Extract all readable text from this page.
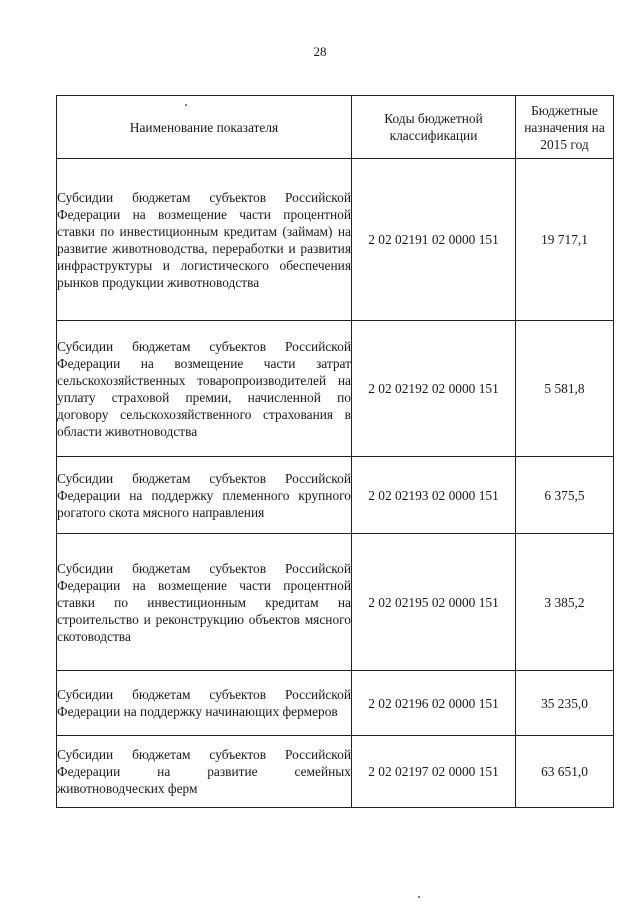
28
Наименование показателя	Коды бюджетной классификации	Бюджетные назначения на 2015 год
Субсидии бюджетам субъектов Российской Федерации на возмещение части процентной ставки по инвестиционным кредитам (займам) на развитие животноводства, переработки и развития инфраструктуры и логистического обеспечения рынков продукции животноводства	2 02 02191 02 0000 151	19 717,1
Субсидии бюджетам субъектов Российской Федерации на возмещение части затрат сельскохозяйственных товаропроизводителей на уплату страховой премии, начисленной по договору сельскохозяйственного страхования в области животноводства	2 02 02192 02 0000 151	5 581,8
Субсидии бюджетам субъектов Российской Федерации на поддержку племенного крупного рогатого скота мясного направления	2 02 02193 02 0000 151	6 375,5
Субсидии бюджетам субъектов Российской Федерации на возмещение части процентной ставки по инвестиционным кредитам на строительство и реконструкцию объектов мясного скотоводства	2 02 02195 02 0000 151	3 385,2
Субсидии бюджетам субъектов Российской Федерации на поддержку начинающих фермеров	2 02 02196 02 0000 151	35 235,0
Субсидии бюджетам субъектов Российской Федерации на развитие семейных животноводческих ферм	2 02 02197 02 0000 151	63 651,0
